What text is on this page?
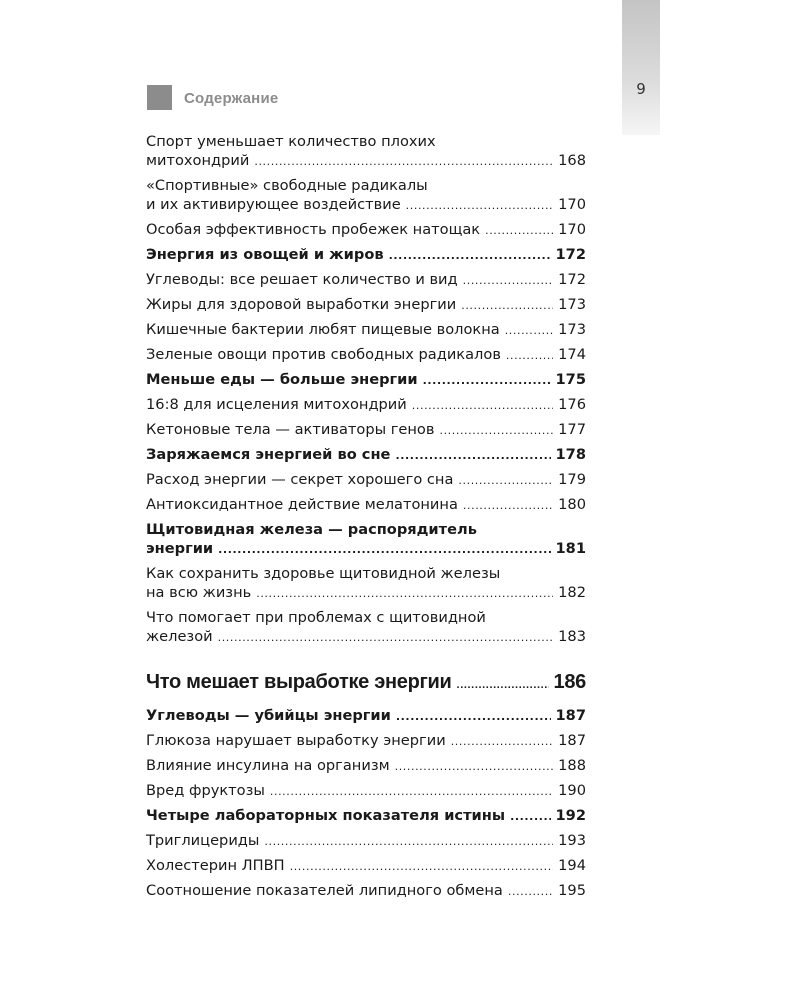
9
Содержание
Спорт уменьшает количество плохих
митохондрий .....	168
«Спортивные» свободные радикалы
и их активирующее воздействие .....	170
Особая эффективность пробежек натощак .....	170
Энергия из овощей и жиров .....	172
Углеводы: все решает количество и вид .....	172
Жиры для здоровой выработки энергии .....	173
Кишечные бактерии любят пищевые волокна .....	173
Зеленые овощи против свободных радикалов .....	174
Меньше еды — больше энергии .....	175
16:8 для исцеления митохондрий .....	176
Кетоновые тела — активаторы генов .....	177
Заряжаемся энергией во сне .....	178
Расход энергии — секрет хорошего сна .....	179
Антиоксидантное действие мелатонина .....	180
Щитовидная железа — распорядитель
энергии .....	181
Как сохранить здоровье щитовидной железы
на всю жизнь .....	182
Что помогает при проблемах с щитовидной
железой .....	183
Что мешает выработке энергии .....	186
Углеводы — убийцы энергии .....	187
Глюкоза нарушает выработку энергии .....	187
Влияние инсулина на организм .....	188
Вред фруктозы .....	190
Четыре лабораторных показателя истины .....	192
Триглицериды .....	193
Холестерин ЛПВП .....	194
Соотношение показателей липидного обмена .....	195
